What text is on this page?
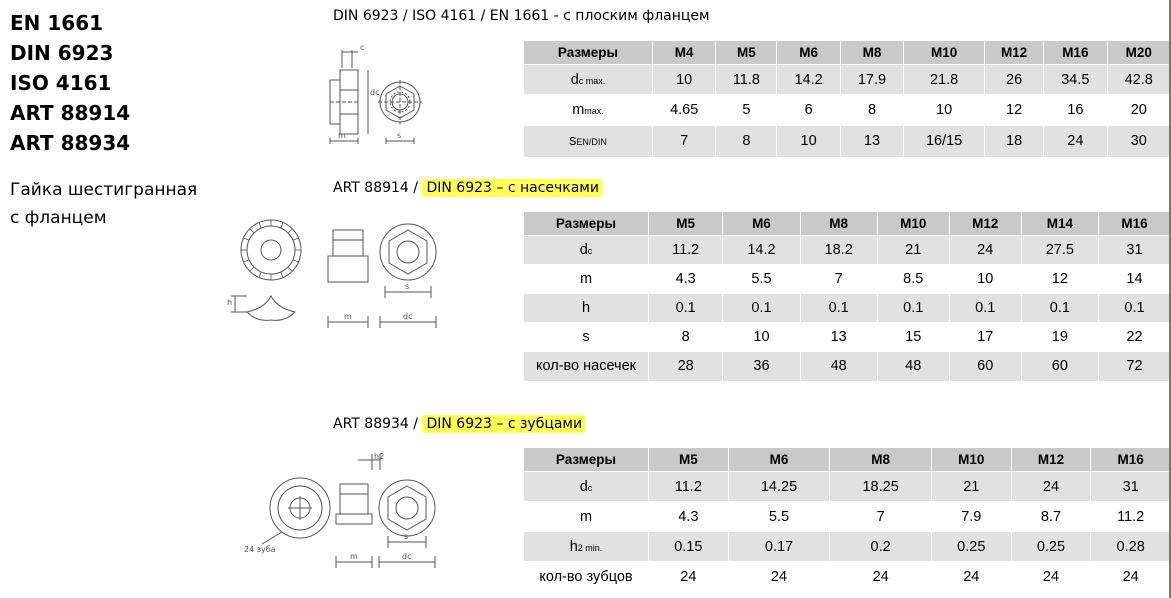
EN 1661

DIN 6923

ISO 4161

ART 88914

ART 88934

Гайка шестигранная
с фланцем
DIN 6923 / ISO 4161 / EN 1661 - с плоским фланцем
c
dc
m	s
Размеры	M4	M5	M6	M8	M10	M12	M16	M20
dc max.	10	11.8	14.2	17.9	21.8	26	34.5	42.8
mmax.	4.65	5	6	8	10	12	16	20
sEN/DIN	7	8	10	13	16/15	18	24	30
ART 88914 / DIN 6923 – с насечками
h
m
s
dc
Размеры	M5	M6	M8	M10	M12	M14	M16
dc	11.2	14.2	18.2	21	24	27.5	31
m	4.3	5.5	7	8.5	10	12	14
h	0.1	0.1	0.1	0.1	0.1	0.1	0.1
s	8	10	13	15	17	19	22
кол-во насечек	28	36	48	48	60	60	72
ART 88934 / DIN 6923 – с зубцами
24 зуба
h2
m
s
dc
Размеры	M5	M6	M8	M10	M12	M16
dc	11.2	14.25	18.25	21	24	31
m	4.3	5.5	7	7.9	8.7	11.2
h2 min.	0.15	0.17	0.2	0.25	0.25	0.28
кол-во зубцов	24	24	24	24	24	24
